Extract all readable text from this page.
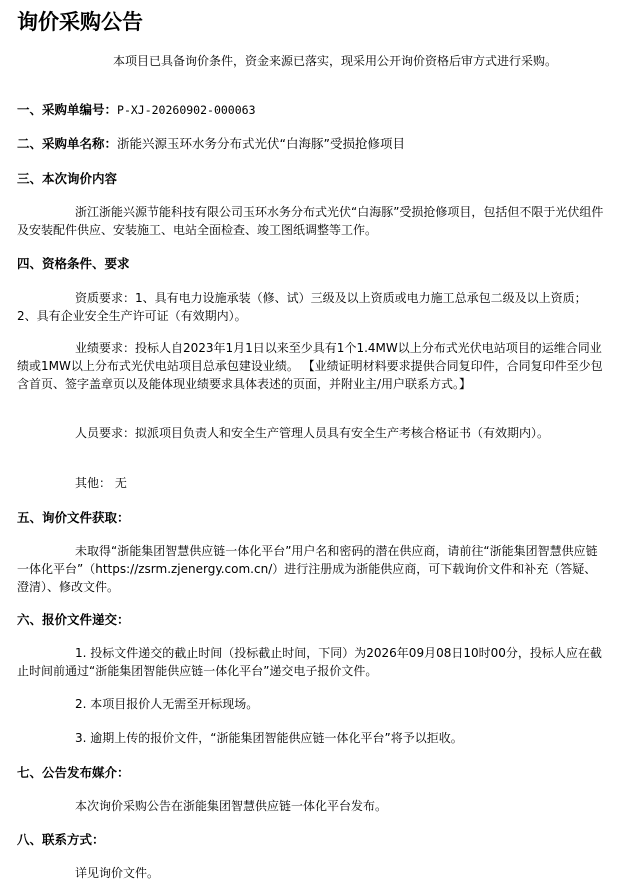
询价采购公告

本项目已具备询价条件，资金来源已落实，现采用公开询价资格后审方式进行采购。

一、采购单编号：P-XJ-20260902-000063
二、采购单名称：浙能兴源玉环水务分布式光伏“白海豚”受损抢修项目
三、本次询价内容

浙江浙能兴源节能科技有限公司玉环水务分布式光伏“白海豚”受损抢修项目，包括但不限于光伏组件及安装配件供应、安装施工、电站全面检查、竣工图纸调整等工作。

四、资格条件、要求

资质要求：1、具有电力设施承装（修、试）三级及以上资质或电力施工总承包二级及以上资质； 2、具有企业安全生产许可证（有效期内）。

业绩要求：投标人自2023年1月1日以来至少具有1个1.4MW以上分布式光伏电站项目的运维合同业绩或1MW以上分布式光伏电站项目总承包建设业绩。 【业绩证明材料要求提供合同复印件，合同复印件至少包含首页、签字盖章页以及能体现业绩要求具体表述的页面，并附业主/用户联系方式。】

人员要求：拟派项目负责人和安全生产管理人员具有安全生产考核合格证书（有效期内）。

其他： 无

五、询价文件获取：

未取得“浙能集团智慧供应链一体化平台”用户名和密码的潜在供应商，请前往“浙能集团智慧供应链一体化平台”（https://zsrm.zjenergy.com.cn/）进行注册成为浙能供应商，可下载询价文件和补充（答疑、澄清）、修改文件。

六、报价文件递交：

1. 投标文件递交的截止时间（投标截止时间，下同）为2026年09月08日10时00分，投标人应在截止时间前通过“浙能集团智能供应链一体化平台”递交电子报价文件。

2. 本项目报价人无需至开标现场。

3. 逾期上传的报价文件，“浙能集团智能供应链一体化平台”将予以拒收。

七、公告发布媒介：

本次询价采购公告在浙能集团智慧供应链一体化平台发布。

八、联系方式：

详见询价文件。
